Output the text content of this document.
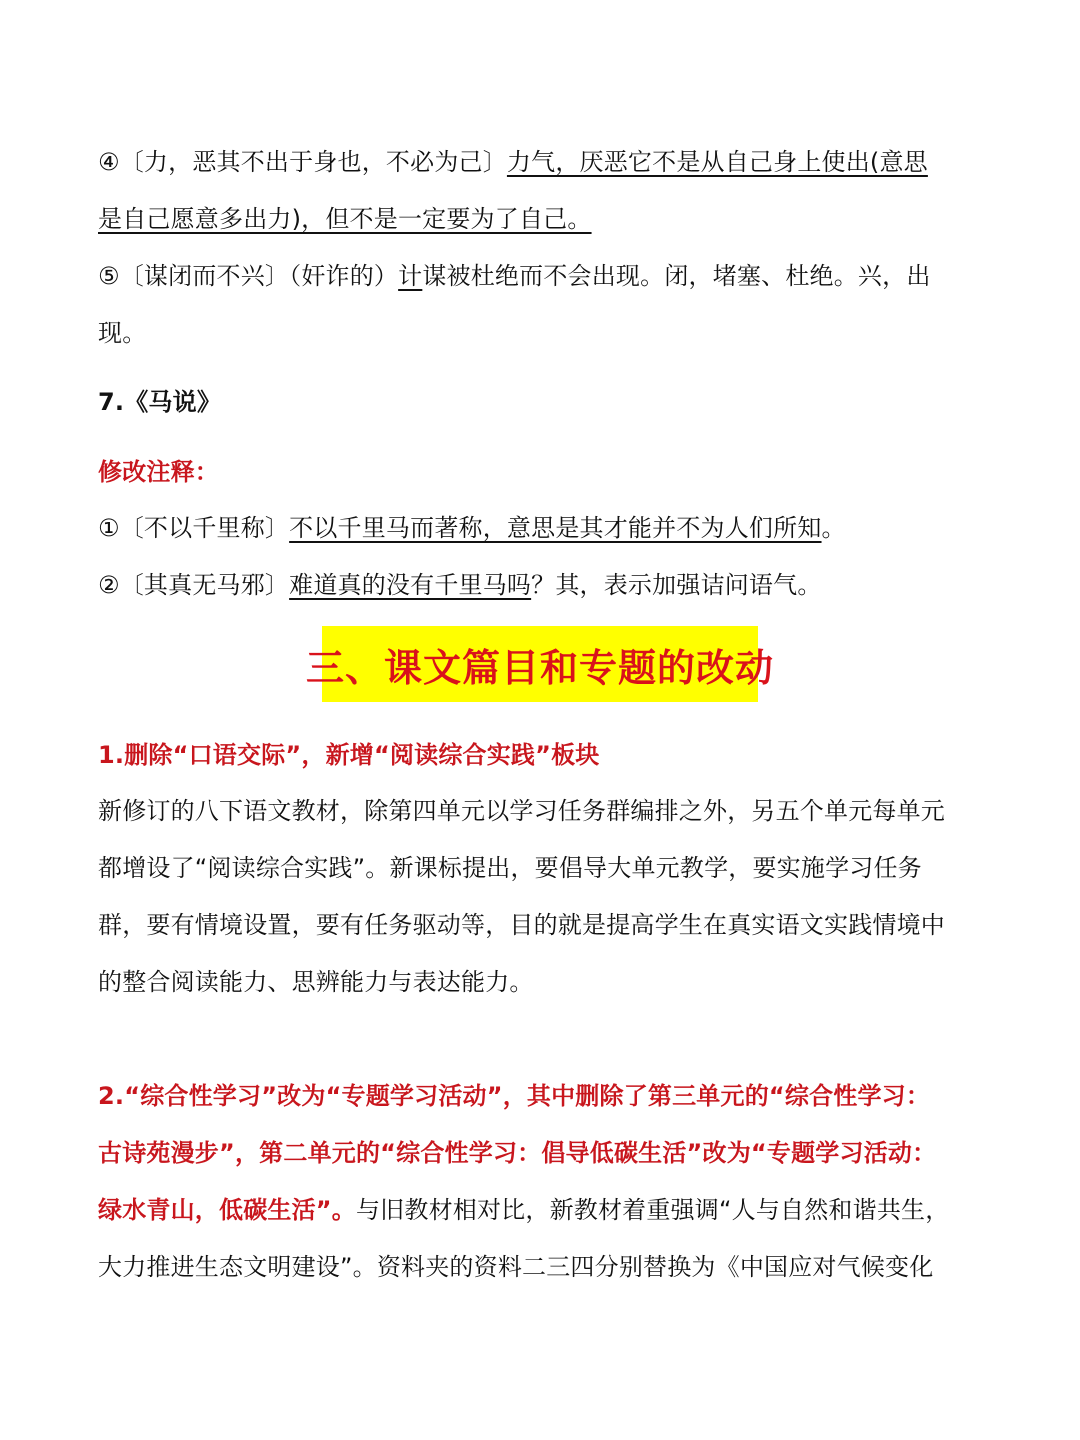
④〔力，恶其不出于身也，不必为己〕力气，厌恶它不是从自己身上使出(意思
是自己愿意多出力)，但不是一定要为了自己。
⑤〔谋闭而不兴〕（奸诈的）计谋被杜绝而不会出现。闭，堵塞、杜绝。兴，出
现。
7.《马说》
修改注释：
①〔不以千里称〕不以千里马而著称，意思是其才能并不为人们所知。
②〔其真无马邪〕难道真的没有千里马吗？其，表示加强诘问语气。
1.删除“口语交际”，新增“阅读综合实践”板块
新修订的八下语文教材，除第四单元以学习任务群编排之外，另五个单元每单元
都增设了“阅读综合实践”。新课标提出，要倡导大单元教学，要实施学习任务
群，要有情境设置，要有任务驱动等，目的就是提高学生在真实语文实践情境中
的整合阅读能力、思辨能力与表达能力。
2.“综合性学习”改为“专题学习活动”，其中删除了第三单元的“综合性学习：
古诗苑漫步”，第二单元的“综合性学习：倡导低碳生活”改为“专题学习活动：
绿水青山，低碳生活”。与旧教材相对比，新教材着重强调“人与自然和谐共生，
大力推进生态文明建设”。资料夹的资料二三四分别替换为《中国应对气候变化
三、课文篇目和专题的改动
